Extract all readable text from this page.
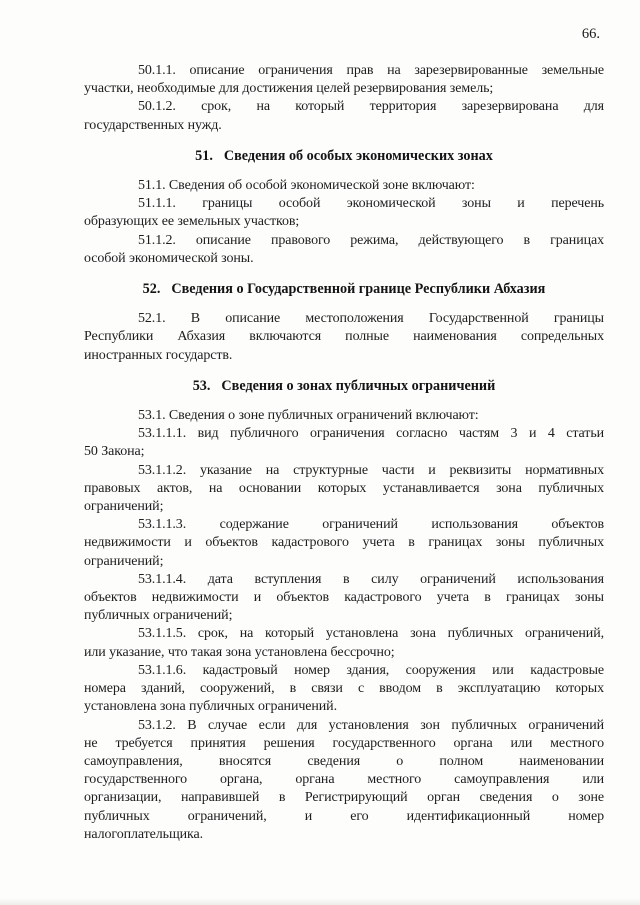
66.
50.1.1. описание ограничения прав на зарезервированные земельные
участки, необходимые для достижения целей резервирования земель;
50.1.2. срок, на который территория зарезервирована для
государственных нужд.
51. Сведения об особых экономических зонах
51.1. Сведения об особой экономической зоне включают:
51.1.1. границы особой экономической зоны и перечень
образующих ее земельных участков;
51.1.2. описание правового режима, действующего в границах
особой экономической зоны.
52. Сведения о Государственной границе Республики Абхазия
52.1. В описание местоположения Государственной границы
Республики Абхазия включаются полные наименования сопредельных
иностранных государств.
53. Сведения о зонах публичных ограничений
53.1. Сведения о зоне публичных ограничений включают:
53.1.1.1. вид публичного ограничения согласно частям 3 и 4 статьи
50 Закона;
53.1.1.2. указание на структурные части и реквизиты нормативных
правовых актов, на основании которых устанавливается зона публичных
ограничений;
53.1.1.3. содержание ограничений использования объектов
недвижимости и объектов кадастрового учета в границах зоны публичных
ограничений;
53.1.1.4. дата вступления в силу ограничений использования
объектов недвижимости и объектов кадастрового учета в границах зоны
публичных ограничений;
53.1.1.5. срок, на который установлена зона публичных ограничений,
или указание, что такая зона установлена бессрочно;
53.1.1.6. кадастровый номер здания, сооружения или кадастровые
номера зданий, сооружений, в связи с вводом в эксплуатацию которых
установлена зона публичных ограничений.
53.1.2. В случае если для установления зон публичных ограничений
не требуется принятия решения государственного органа или местного
самоуправления, вносятся сведения о полном наименовании
государственного органа, органа местного самоуправления или
организации, направившей в Регистрирующий орган сведения о зоне
публичных ограничений, и его идентификационный номер
налогоплательщика.
